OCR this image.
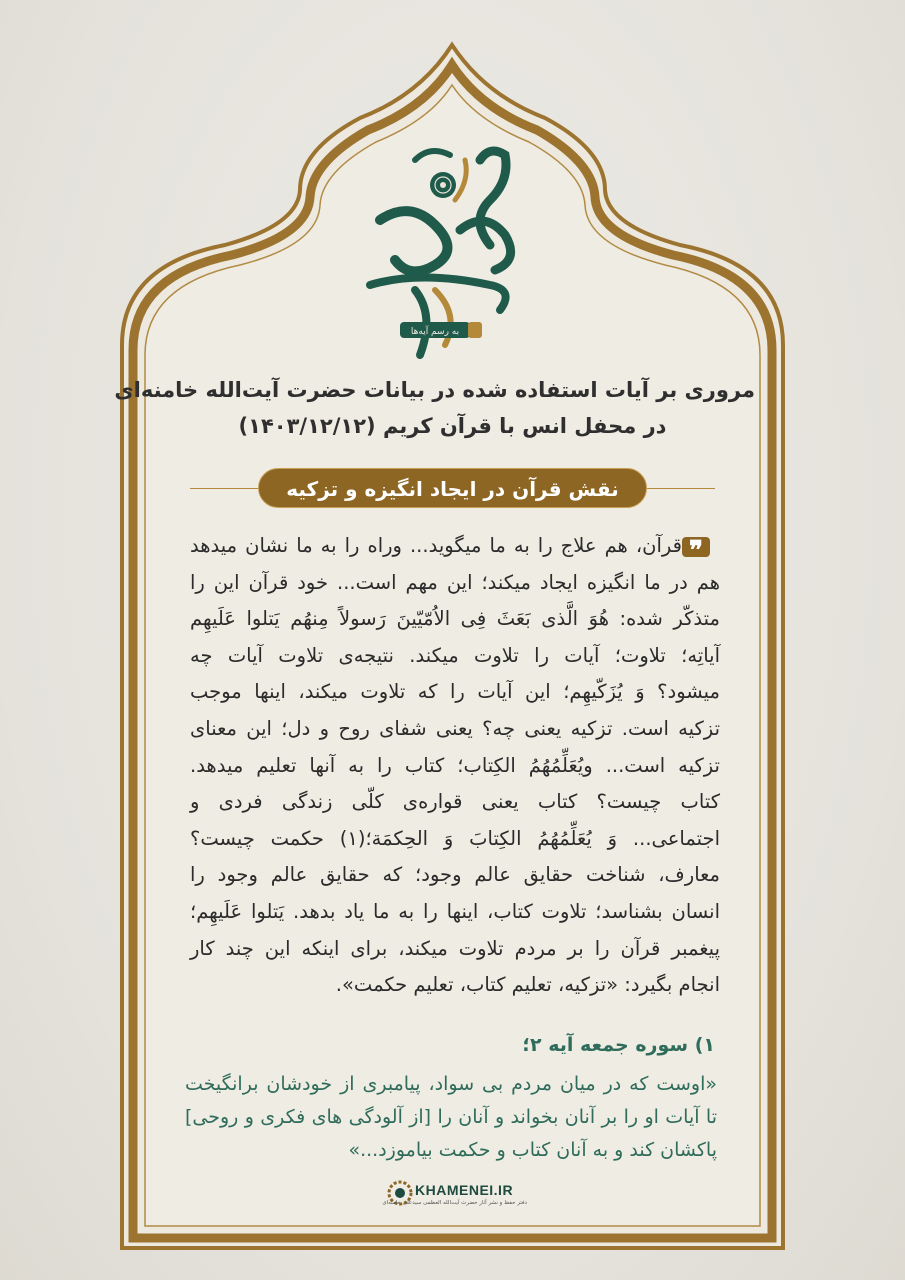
به رسم آیه‌ها
مروری بر آیات استفاده شده در بیانات حضرت آیت‌الله خامنه‌ای
در محفل انس با قرآن کریم (۱۴۰۳/۱۲/۱۲)
نقش قرآن در ایجاد انگیزه و تزکیه
❞
قرآن، هم علاج را به ما میگوید... وراه را به ما نشان میدهد
هم در ما انگیزه ایجاد میکند؛ این مهم است... خود قرآن این را
متذکّر شده: هُوَ الَّذی بَعَثَ فِی الاُمّیّینَ رَسولاً مِنهُم یَتلوا عَلَیهِم
آیاتِه؛ تلاوت؛ آیات را تلاوت میکند. نتیجه‌ی تلاوت آیات چه
میشود؟ وَ یُزَکّیهِم؛ این آیات را که تلاوت میکند، اینها موجب
تزکیه است. تزکیه یعنی چه؟ یعنی شفای روح و دل؛ این معنای
تزکیه است... ویُعَلِّمُهُمُ الکِتاب؛ کتاب را به آنها تعلیم میدهد.
کتاب چیست؟ کتاب یعنی قواره‌ی کلّی زندگی فردی و
اجتماعی... وَ یُعَلِّمُهُمُ الکِتابَ وَ الحِکمَة؛(۱) حکمت چیست؟
معارف، شناخت حقایق عالم وجود؛ که حقایق عالم وجود را
انسان بشناسد؛ تلاوت کتاب، اینها را به ما یاد بدهد. یَتلوا عَلَیهِم؛
پیغمبر قرآن را بر مردم تلاوت میکند، برای اینکه این چند کار
انجام بگیرد: «تزکیه، تعلیم کتاب، تعلیم حکمت».
۱) سوره جمعه آیه ۲؛
«اوست که در میان مردم بی سواد، پیامبری از خودشان برانگیخت
تا آیات او را بر آنان بخواند و آنان را [از آلودگی های فکری و روحی]
پاکشان کند و به آنان کتاب و حکمت بیاموزد...»
KHAMENEI.IR
دفتر حفظ و نشر آثار حضرت آیت‌الله العظمی سیدعلی خامنه‌ای
